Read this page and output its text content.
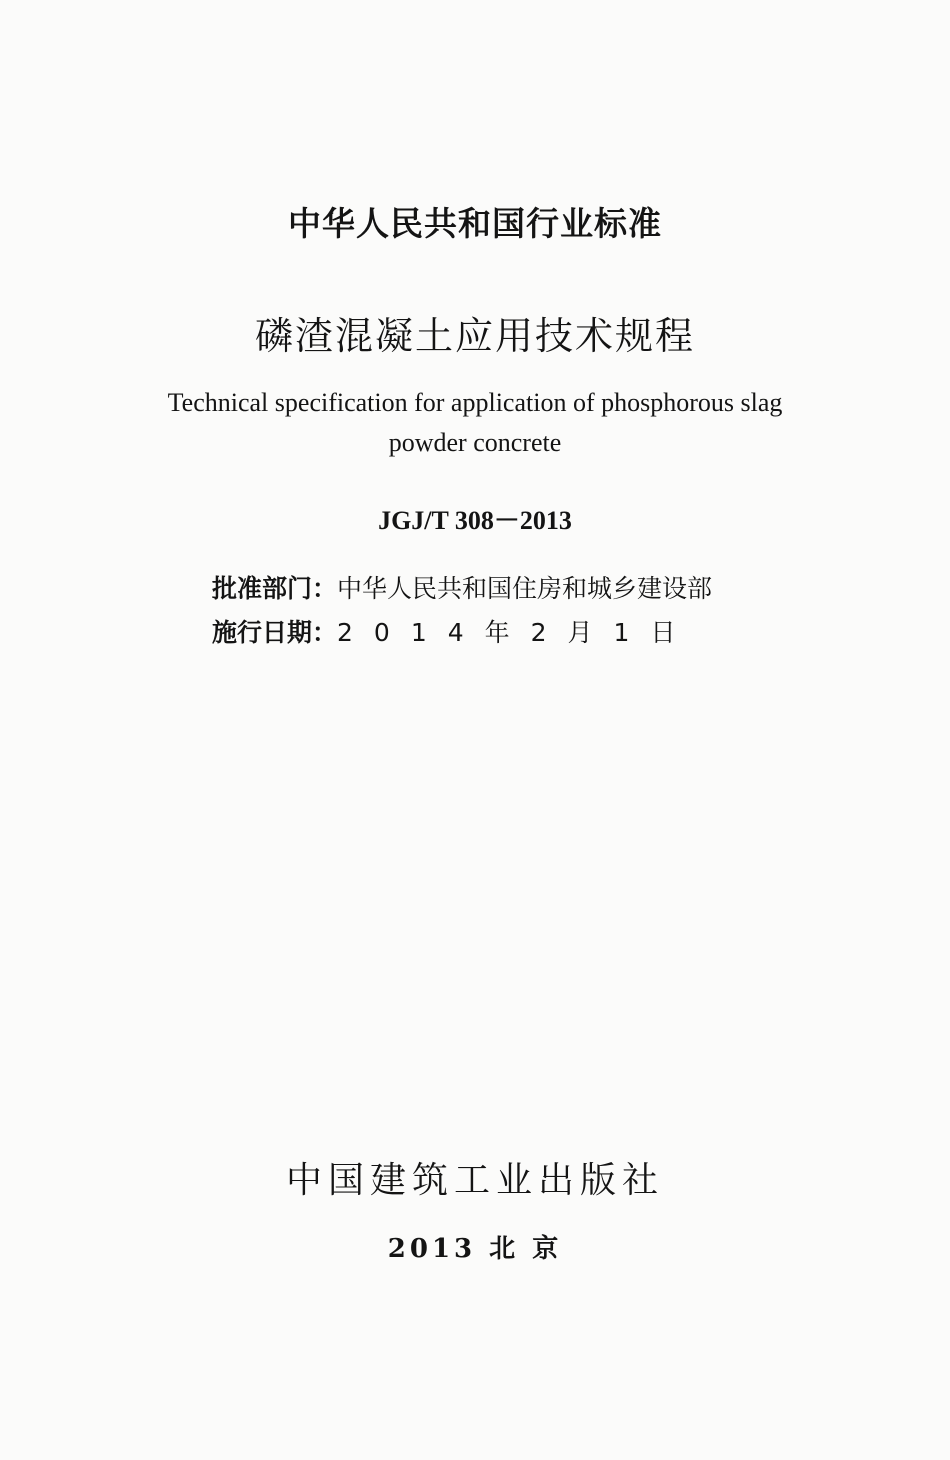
中华人民共和国行业标准
磷渣混凝土应用技术规程
Technical specification for application of phosphorous slag
powder concrete
JGJ/T 308－2013
批准部门： 中华人民共和国住房和城乡建设部
施行日期： 2014年2月1日
中国建筑工业出版社
2013 北 京
